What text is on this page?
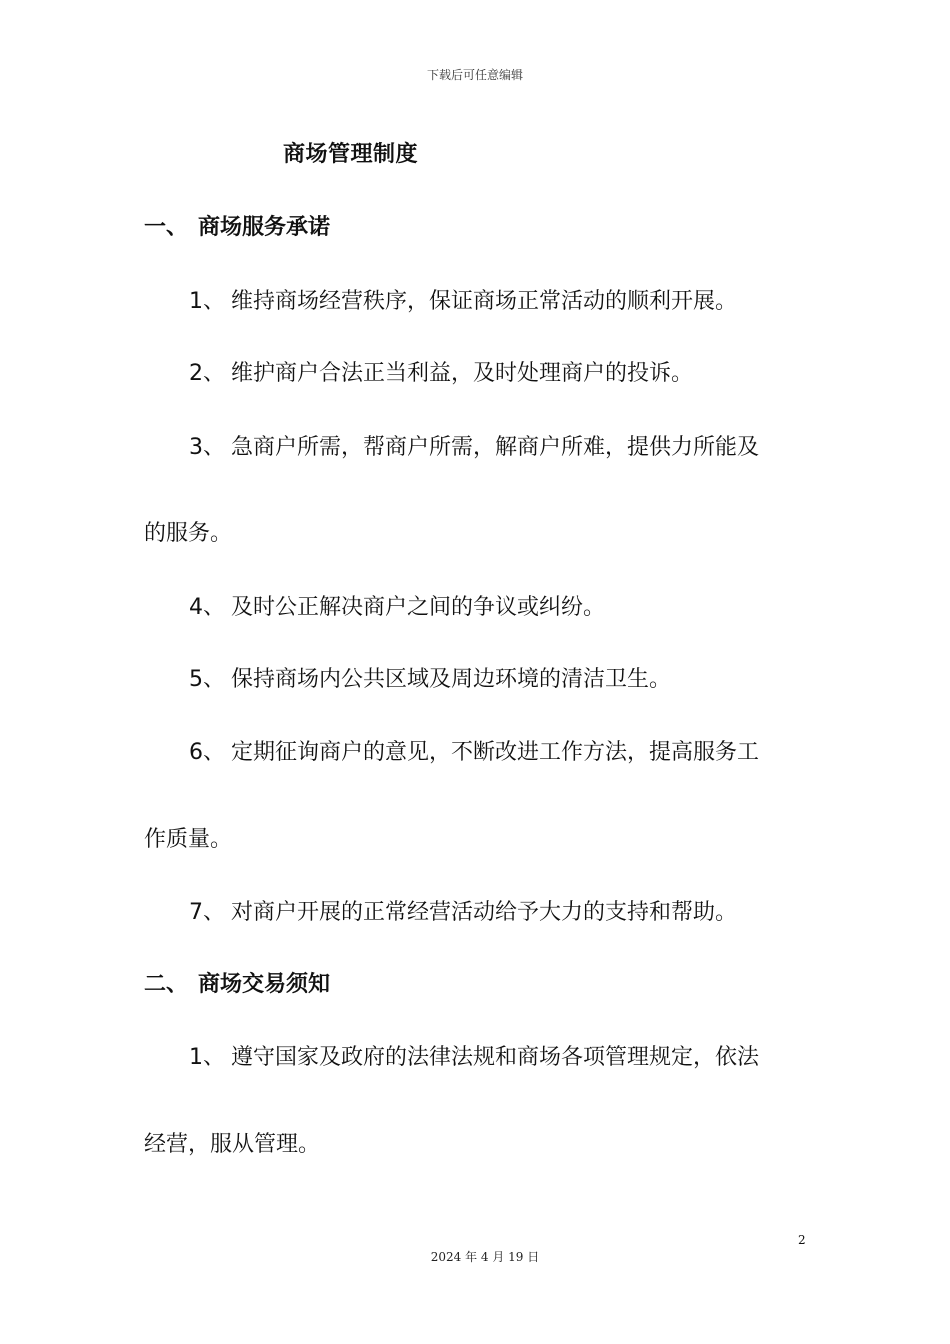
下载后可任意编辑
商场管理制度
一、 商场服务承诺
1、 维持商场经营秩序，保证商场正常活动的顺利开展。
2、 维护商户合法正当利益，及时处理商户的投诉。
3、 急商户所需，帮商户所需，解商户所难，提供力所能及
的服务。
4、 及时公正解决商户之间的争议或纠纷。
5、 保持商场内公共区域及周边环境的清洁卫生。
6、 定期征询商户的意见，不断改进工作方法，提高服务工
作质量。
7、 对商户开展的正常经营活动给予大力的支持和帮助。
二、 商场交易须知
1、 遵守国家及政府的法律法规和商场各项管理规定，依法
经营，服从管理。
2
2024 年 4 月 19 日
